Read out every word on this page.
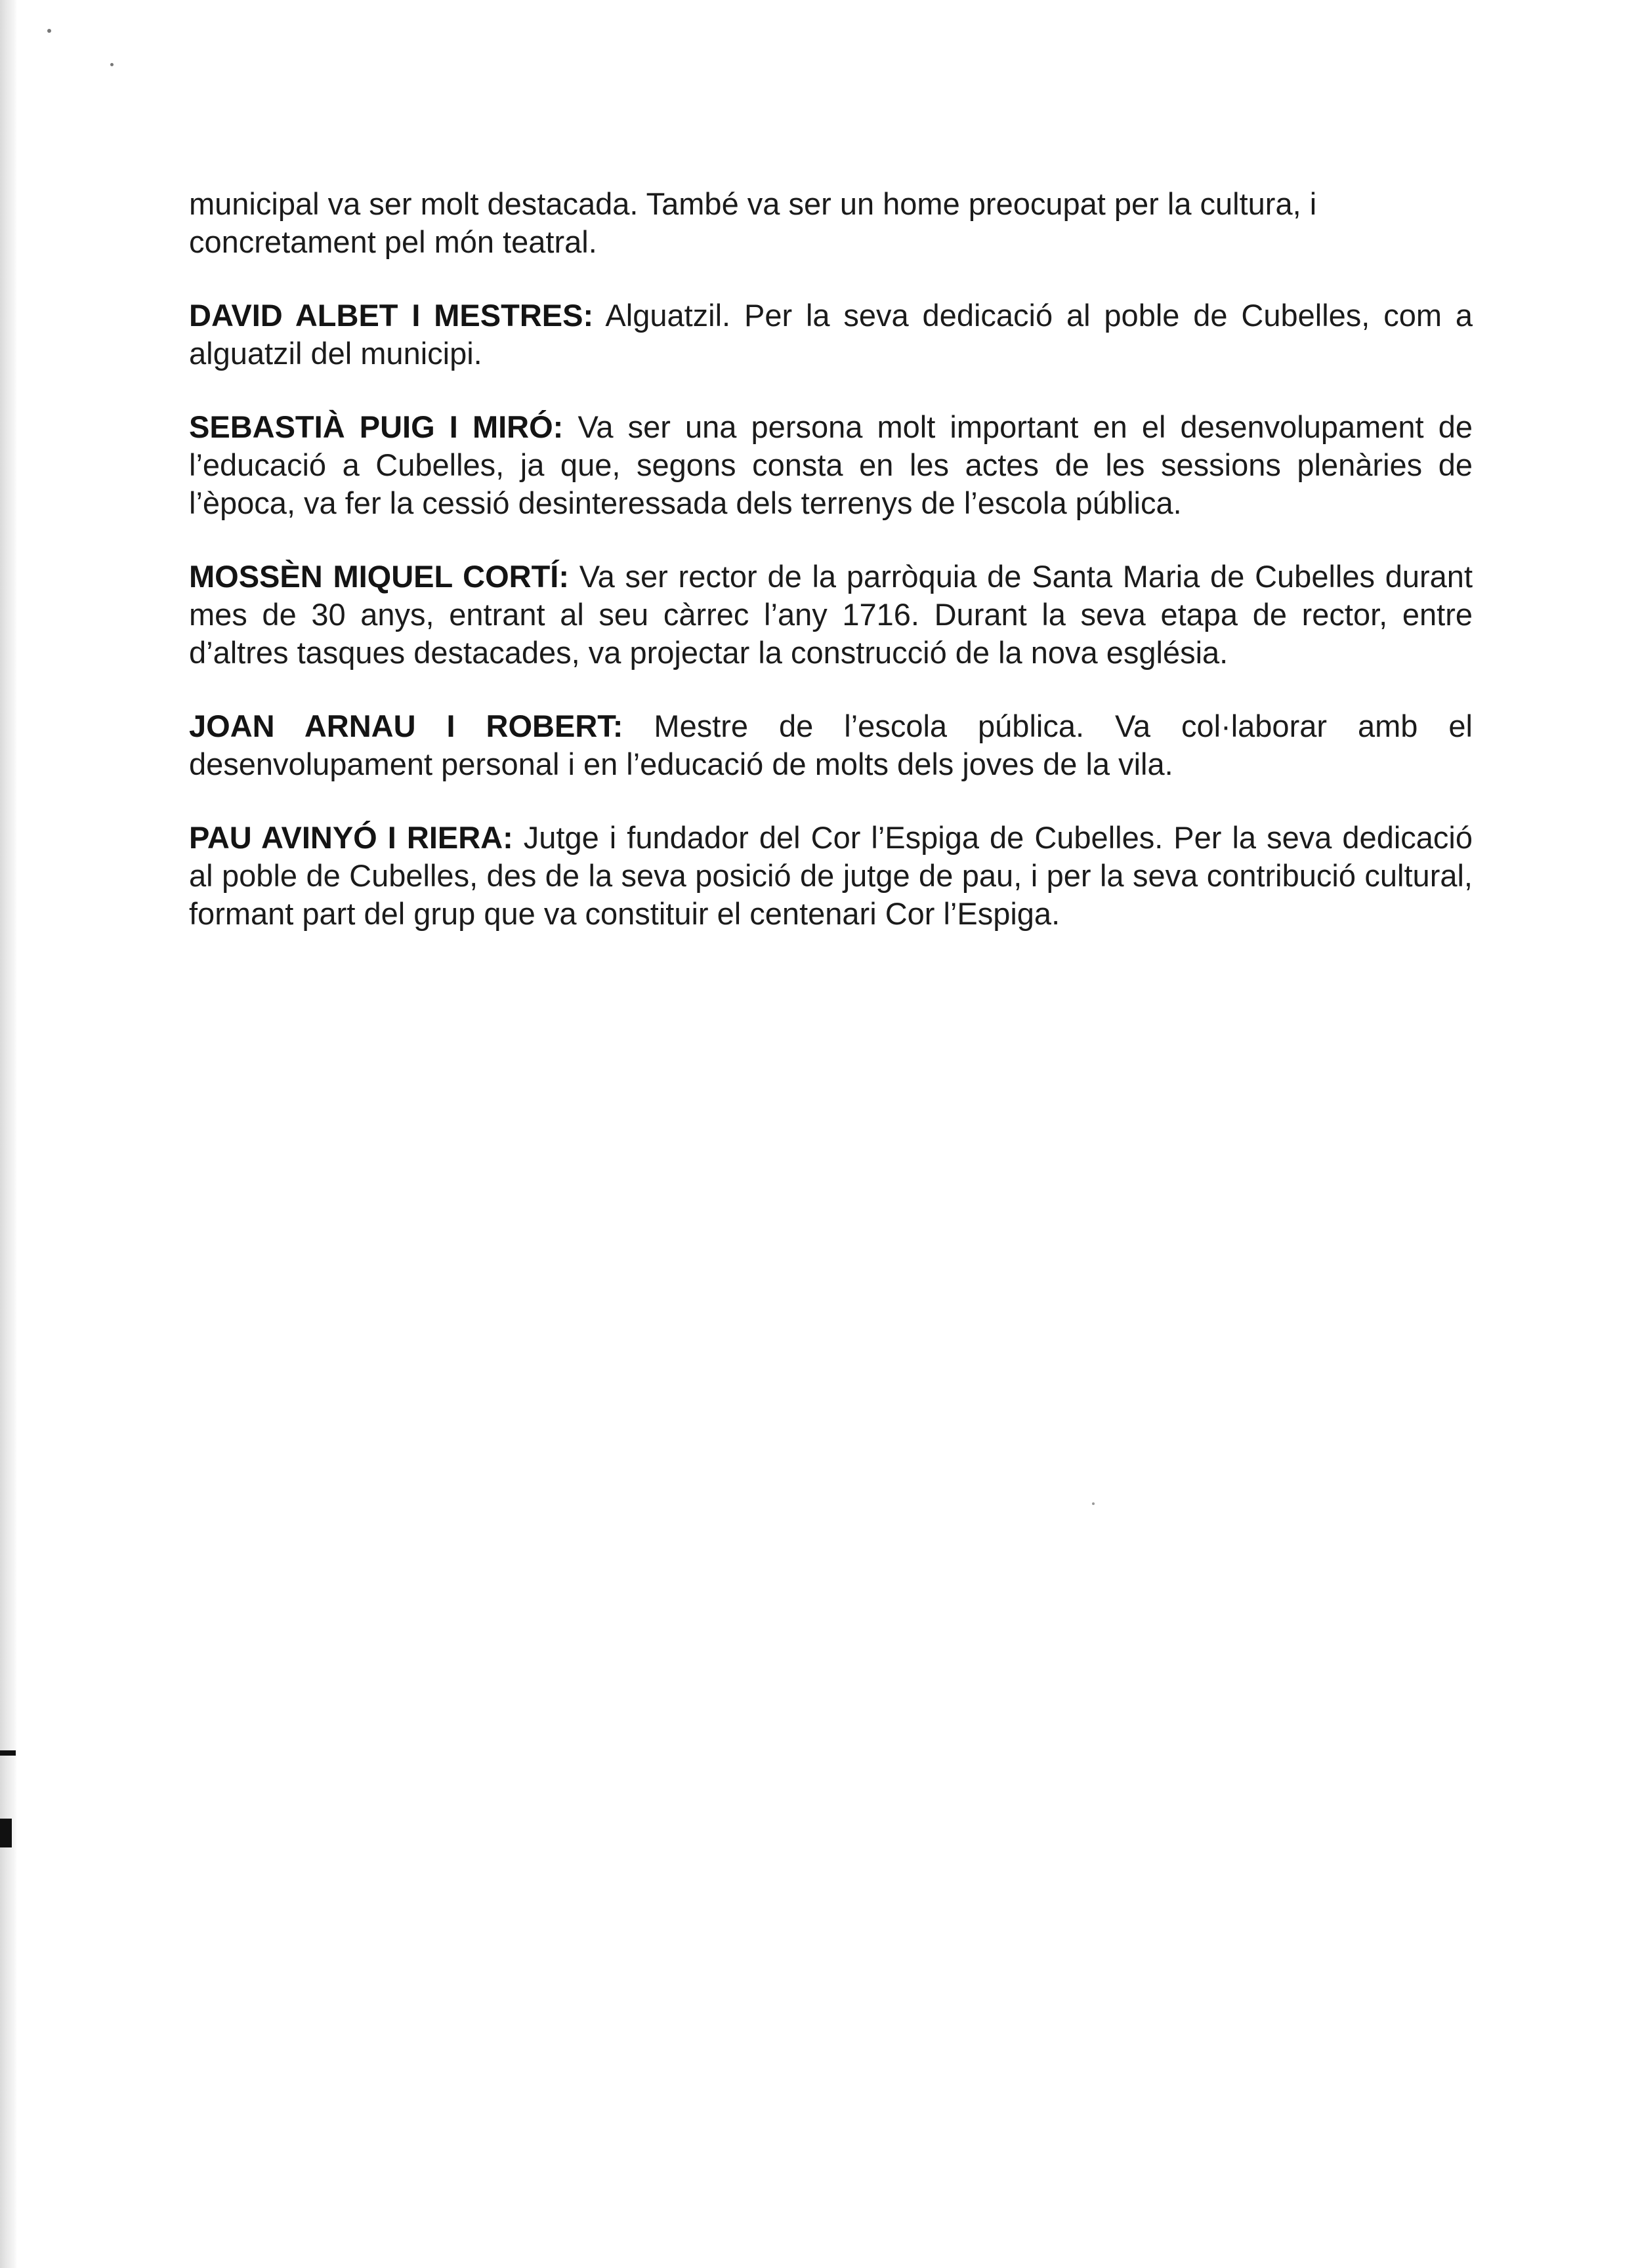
municipal va ser molt destacada. També va ser un home preocupat per la cultura, i concretament pel món teatral.

DAVID ALBET I MESTRES: Alguatzil. Per la seva dedicació al poble de Cubelles, com a alguatzil del municipi.

SEBASTIÀ PUIG I MIRÓ: Va ser una persona molt important en el desenvolupament de l’educació a Cubelles, ja que, segons consta en les actes de les sessions plenàries de l’època, va fer la cessió desinteressada dels terrenys de l’escola pública.

MOSSÈN MIQUEL CORTÍ: Va ser rector de la parròquia de Santa Maria de Cubelles durant mes de 30 anys, entrant al seu càrrec l’any 1716. Durant la seva etapa de rector, entre d’altres tasques destacades, va projectar la construcció de la nova església.

JOAN ARNAU I ROBERT: Mestre de l’escola pública. Va col·laborar amb el desenvolupament personal i en l’educació de molts dels joves de la vila.

PAU AVINYÓ I RIERA: Jutge i fundador del Cor l’Espiga de Cubelles. Per la seva dedicació al poble de Cubelles, des de la seva posició de jutge de pau, i per la seva contribució cultural, formant part del grup que va constituir el centenari Cor l’Espiga.
